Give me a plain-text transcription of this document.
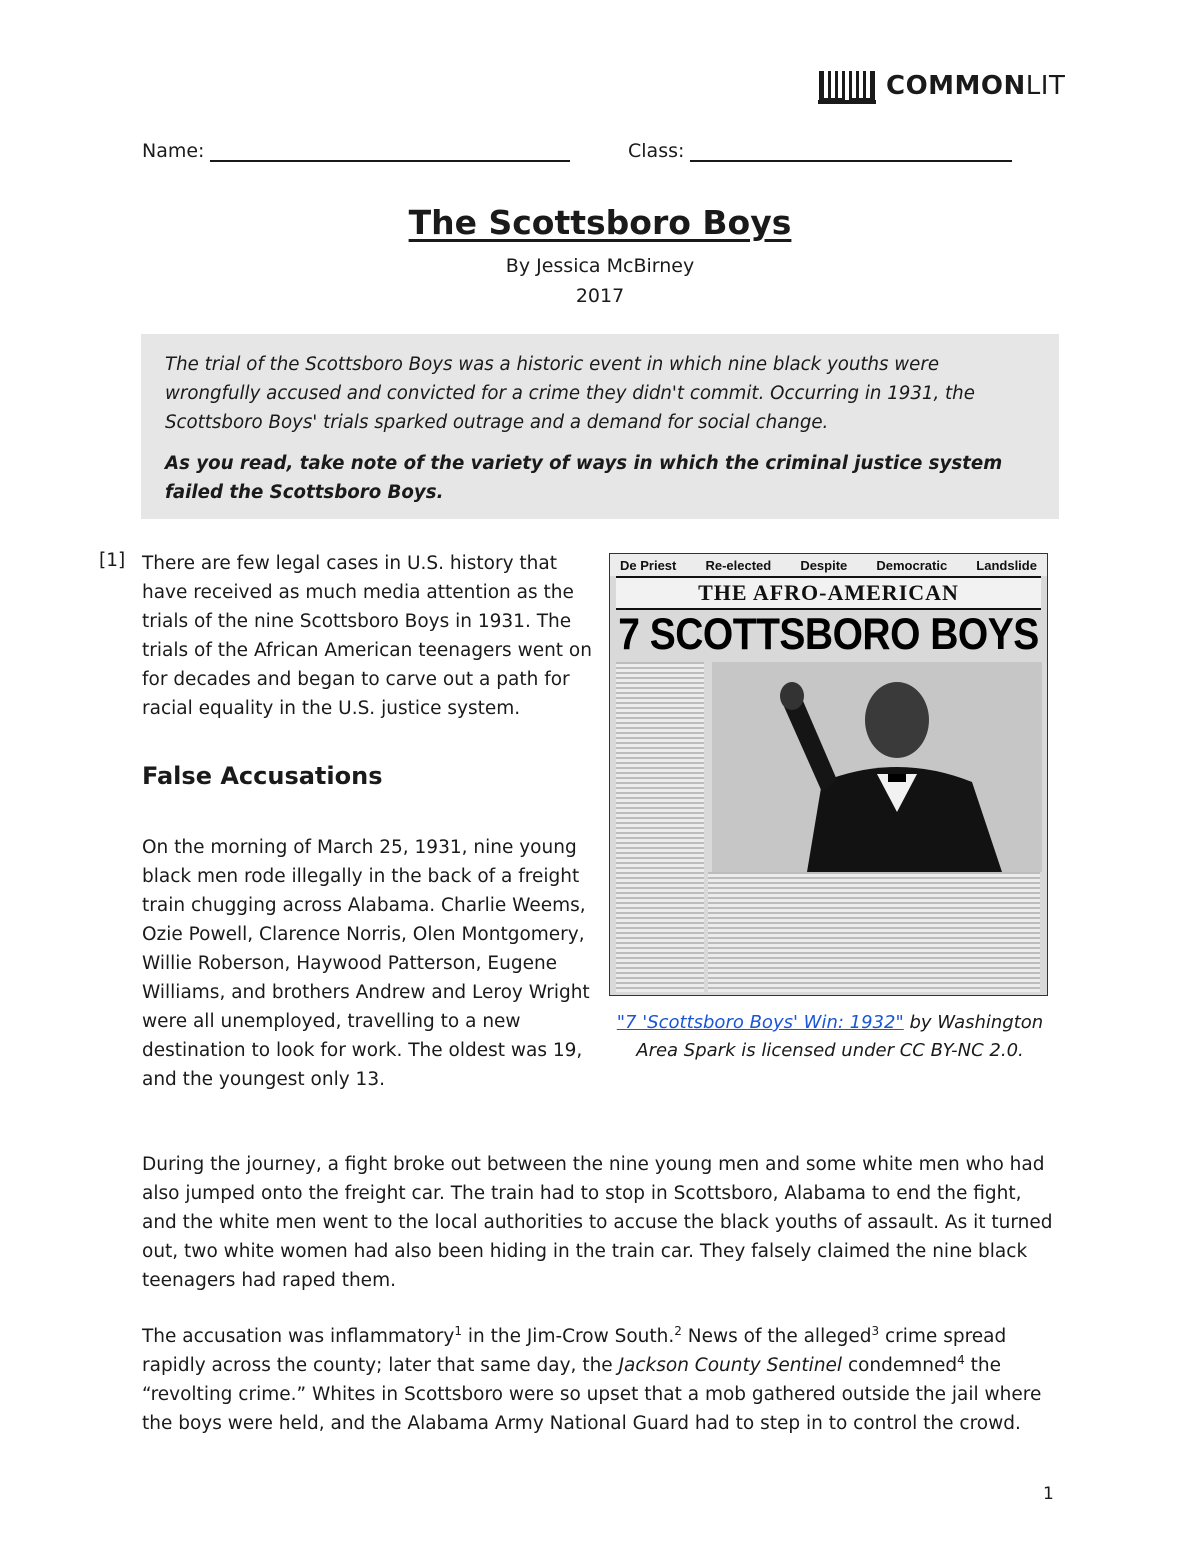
COMMONLIT
Name:	Class:
The Scottsboro Boys
By Jessica McBirney
2017

The trial of the Scottsboro Boys was a historic event in which nine black youths were wrongfully accused and convicted for a crime they didn't commit. Occurring in 1931, the Scottsboro Boys' trials sparked outrage and a demand for social change.

As you read, take note of the variety of ways in which the criminal justice system failed the Scottsboro Boys.

[1] There are few legal cases in U.S. history that have received as much media attention as the trials of the nine Scottsboro Boys in 1931. The trials of the African American teenagers went on for decades and began to carve out a path for racial equality in the U.S. justice system.

False Accusations

On the morning of March 25, 1931, nine young black men rode illegally in the back of a freight train chugging across Alabama. Charlie Weems, Ozie Powell, Clarence Norris, Olen Montgomery, Willie Roberson, Haywood Patterson, Eugene Williams, and brothers Andrew and Leroy Wright were all unemployed, travelling to a new destination to look for work. The oldest was 19, and the youngest only 13.

De Priest Re-elected Despite Democratic Landslide
THE AFRO-AMERICAN
7 SCOTTSBORO BOYS
"7 'Scottsboro Boys' Win: 1932" by Washington Area Spark is licensed under CC BY-NC 2.0.

During the journey, a fight broke out between the nine young men and some white men who had also jumped onto the freight car. The train had to stop in Scottsboro, Alabama to end the fight, and the white men went to the local authorities to accuse the black youths of assault. As it turned out, two white women had also been hiding in the train car. They falsely claimed the nine black teenagers had raped them.

The accusation was inflammatory$^1$ in the Jim-Crow South.$^2$ News of the alleged$^3$ crime spread rapidly across the county; later that same day, the Jackson County Sentinel condemned$^4$ the “revolting crime.” Whites in Scottsboro were so upset that a mob gathered outside the jail where the boys were held, and the Alabama Army National Guard had to step in to control the crowd.

1
